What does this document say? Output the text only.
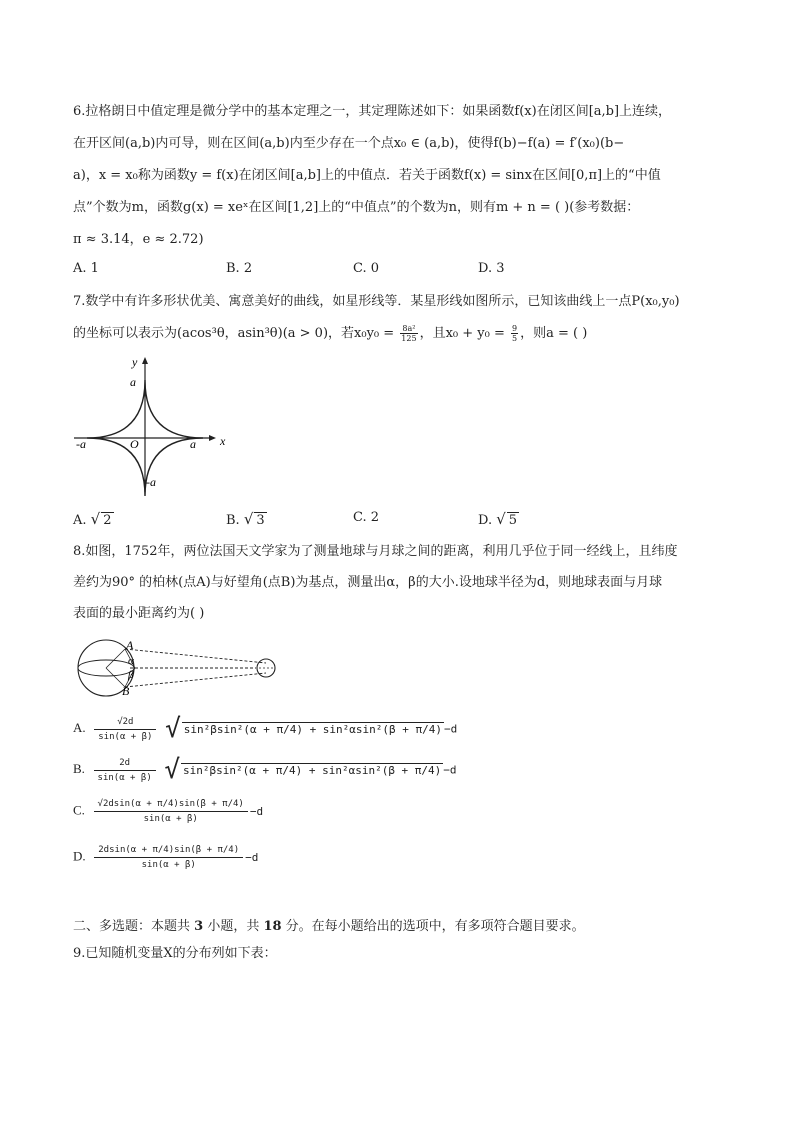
6.拉格朗日中值定理是微分学中的基本定理之一，其定理陈述如下：如果函数f(x)在闭区间[a,b]上连续，
在开区间(a,b)内可导，则在区间(a,b)内至少存在一个点x₀ ∈ (a,b)，使得f(b)−f(a) = f′(x₀)(b−
a)，x = x₀称为函数y = f(x)在闭区间[a,b]上的中值点．若关于函数f(x) = sinx在区间[0,π]上的“中值
点”个数为m，函数g(x) = xeˣ在区间[1,2]上的“中值点”的个数为n，则有m + n = ( )(参考数据：
π ≈ 3.14，e ≈ 2.72)
A. 1	B. 2	C. 0	D. 3
7.数学中有许多形状优美、寓意美好的曲线，如星形线等．某星形线如图所示，已知该曲线上一点P(x₀,y₀)
的坐标可以表示为(acos³θ，asin³θ)(a > 0)，若$x_0y_0 = \frac{\text{8a²}}{125}$ ，且$x_0 + y_0 = \frac{9}{5}$ ，则a = ( )
y
x
a
a
-a	O
-a
A. √ 2	B. √ 3	C. 2	D. √ 5
8.如图，1752年，两位法国天文学家为了测量地球与月球之间的距离，利用几乎位于同一经线上，且纬度
差约为90° 的柏林(点A)与好望角(点B)为基点，测量出α，β的大小.设地球半径为d，则地球表面与月球
表面的最小距离约为( )
A
B
α
β
A. $\frac{√2d}{\sin(\alpha + \beta)}$ √ sin²βsin²(α + π/4) + sin²αsin²(β + π/4) −d
B. $\frac{2d}{\sin(\alpha + \beta)}$ √ sin²βsin²(α + π/4) + sin²αsin²(β + π/4) −d
C. $\frac{√2dsin(\alpha + \pi/4)\sin(\beta + \pi/4)}{\sin(\alpha + \beta)} -d$
D. $\frac{2dsin(\alpha + \pi/4)\sin(\beta + \pi/4)}{\sin(\alpha + \beta)} -d$
二、多选题：本题共 3 小题，共 18 分。在每小题给出的选项中，有多项符合题目要求。
9.已知随机变量X的分布列如下表：
